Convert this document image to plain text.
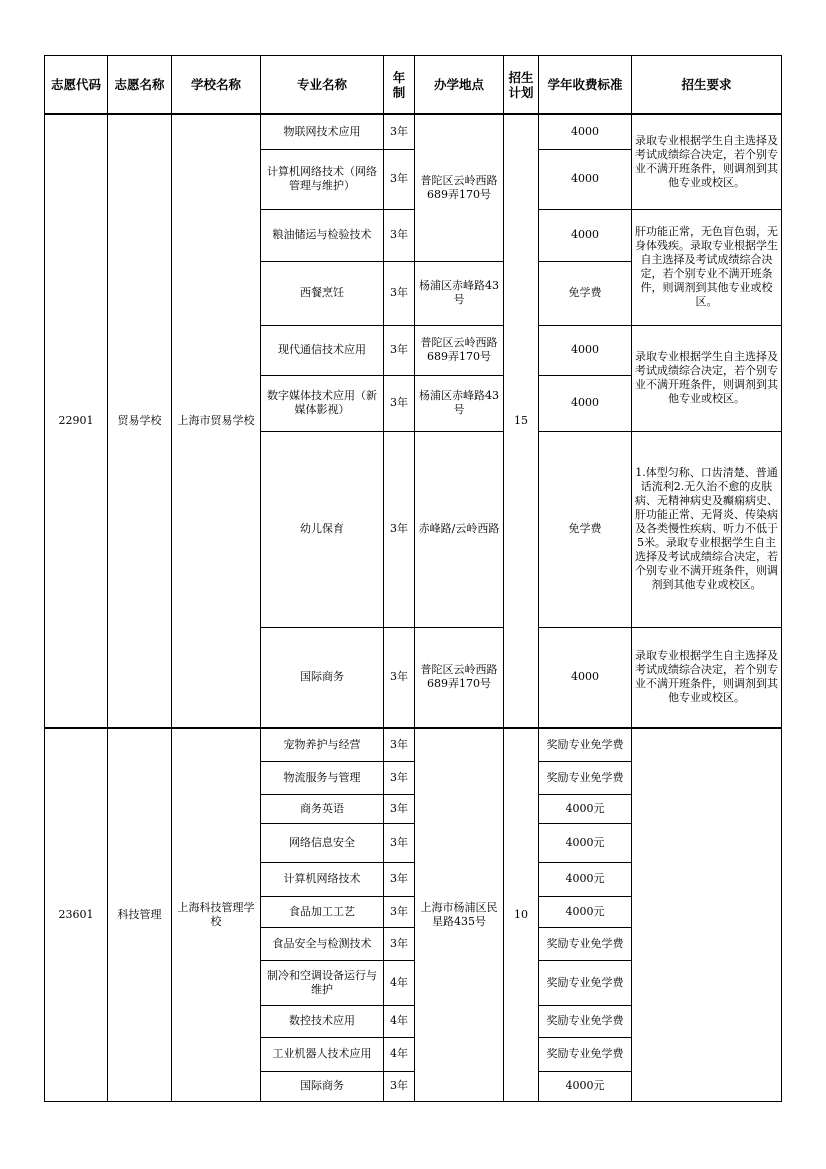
志愿代码	志愿名称	学校名称	专业名称	年制	办学地点	招生计划	学年收费标准	招生要求
22901	贸易学校	上海市贸易学校	物联网技术应用	3年	普陀区云岭西路689弄170号	15	4000	录取专业根据学生自主选择及考试成绩综合决定，若个别专业不满开班条件，则调剂到其他专业或校区。
			计算机网络技术（网络管理与维护）	3年			4000	
			粮油储运与检验技术	3年			4000	肝功能正常，无色盲色弱，无身体残疾。录取专业根据学生自主选择及考试成绩综合决定，若个别专业不满开班条件，则调剂到其他专业或校区。
			西餐烹饪	3年	杨浦区赤峰路43号		免学费	
			现代通信技术应用	3年	普陀区云岭西路689弄170号		4000	录取专业根据学生自主选择及考试成绩综合决定，若个别专业不满开班条件，则调剂到其他专业或校区。
			数字媒体技术应用（新媒体影视）	3年	杨浦区赤峰路43号		4000	
			幼儿保育	3年	赤峰路/云岭西路		免学费	1.体型匀称、口齿清楚、普通话流利2.无久治不愈的皮肤病、无精神病史及癫痫病史、肝功能正常、无肾炎、传染病及各类慢性疾病、听力不低于5米。录取专业根据学生自主选择及考试成绩综合决定，若个别专业不满开班条件，则调剂到其他专业或校区。
			国际商务	3年	普陀区云岭西路689弄170号		4000	录取专业根据学生自主选择及考试成绩综合决定，若个别专业不满开班条件，则调剂到其他专业或校区。
23601	科技管理	上海科技管理学校	宠物养护与经营	3年	上海市杨浦区民星路435号	10	奖励专业免学费	
			物流服务与管理	3年			奖励专业免学费	
			商务英语	3年			4000元	
			网络信息安全	3年			4000元	
			计算机网络技术	3年			4000元	
			食品加工工艺	3年			4000元	
			食品安全与检测技术	3年			奖励专业免学费	
			制冷和空调设备运行与维护	4年			奖励专业免学费	
			数控技术应用	4年			奖励专业免学费	
			工业机器人技术应用	4年			奖励专业免学费	
			国际商务	3年			4000元	
